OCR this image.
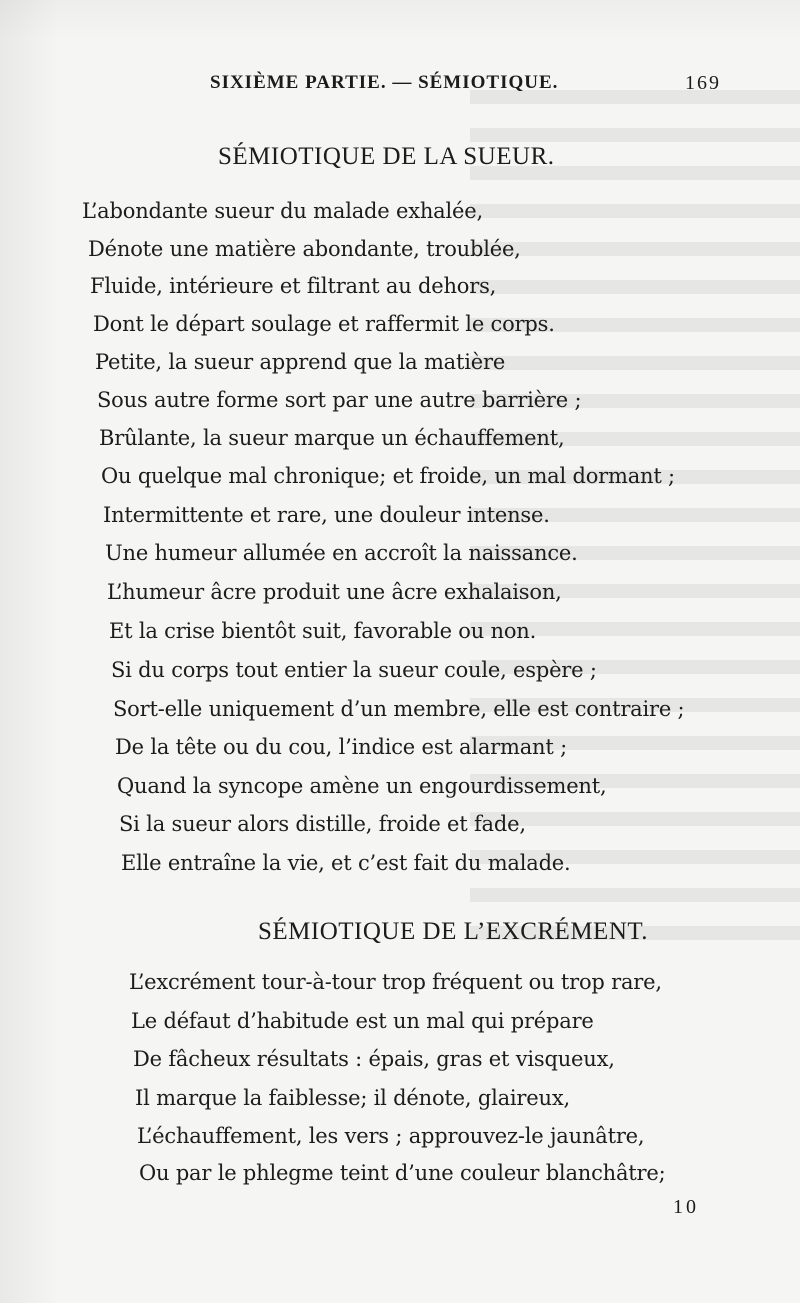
SIXIÈME PARTIE. — SÉMIOTIQUE.	169
SÉMIOTIQUE DE LA SUEUR.
L’abondante sueur du malade exhalée,
Dénote une matière abondante, troublée,
Fluide, intérieure et filtrant au dehors,
Dont le départ soulage et raffermit le corps.
Petite, la sueur apprend que la matière
Sous autre forme sort par une autre barrière ;
Brûlante, la sueur marque un échauffement,
Ou quelque mal chronique; et froide, un mal dormant ;
Intermittente et rare, une douleur intense.
Une humeur allumée en accroît la naissance.
L’humeur âcre produit une âcre exhalaison,
Et la crise bientôt suit, favorable ou non.
Si du corps tout entier la sueur coule, espère ;
Sort-elle uniquement d’un membre, elle est contraire ;
De la tête ou du cou, l’indice est alarmant ;
Quand la syncope amène un engourdissement,
Si la sueur alors distille, froide et fade,
Elle entraîne la vie, et c’est fait du malade.
SÉMIOTIQUE DE L’EXCRÉMENT.
L’excrément tour-à-tour trop fréquent ou trop rare,
Le défaut d’habitude est un mal qui prépare
De fâcheux résultats : épais, gras et visqueux,
Il marque la faiblesse; il dénote, glaireux,
L’échauffement, les vers ; approuvez-le jaunâtre,
Ou par le phlegme teint d’une couleur blanchâtre;
10
